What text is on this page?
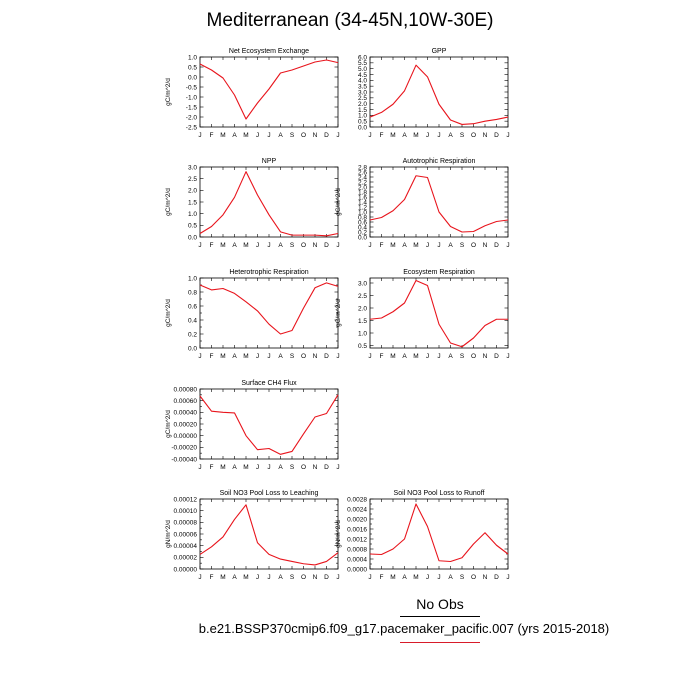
Mediterranean (34-45N,10W-30E)
Net Ecosystem Exchange
-2.5
-2.0
-1.5
-1.0
-0.5
0.0
0.5
1.0
J F M A M J J A S O N D J
gC/m^2/d
GPP
0.0
0.5
1.0
1.5
2.0
2.5
3.0
3.5
4.0
4.5
5.0
5.5
6.0
J F M A M J J A S O N D J
NPP
0.0
0.5
1.0
1.5
2.0
2.5
3.0
J F M A M J J A S O N D J
gC/m^2/d
Autotrophic Respiration
0.0
0.2
0.4
0.6
0.8
1.0
1.2
1.4
1.6
1.8
2.0
2.2
2.4
2.6
2.8
J F M A M J J A S O N D J
gC/m^2/d
Heterotrophic Respiration
0.0
0.2
0.4
0.6
0.8
1.0
J F M A M J J A S O N D J
gC/m^2/d
Ecosystem Respiration
0.5
1.0
1.5
2.0
2.5
3.0
J F M A M J J A S O N D J
gC/m^2/d
Surface CH4 Flux
-0.00040
-0.00020
0.00000
0.00020
0.00040
0.00060
0.00080
J F M A M J J A S O N D J
gC/m^2/d
Soil NO3 Pool Loss to Leaching
0.00000
0.00002
0.00004
0.00006
0.00008
0.00010
0.00012
J F M A M J J A S O N D J
gN/m^2/d
Soil NO3 Pool Loss to Runoff
0.0000
0.0004
0.0008
0.0012
0.0016
0.0020
0.0024
0.0028
J F M A M J J A S O N D J
gN/m^2/d
No Obs
b.e21.BSSP370cmip6.f09_g17.pacemaker_pacific.007 (yrs 2015-2018)
